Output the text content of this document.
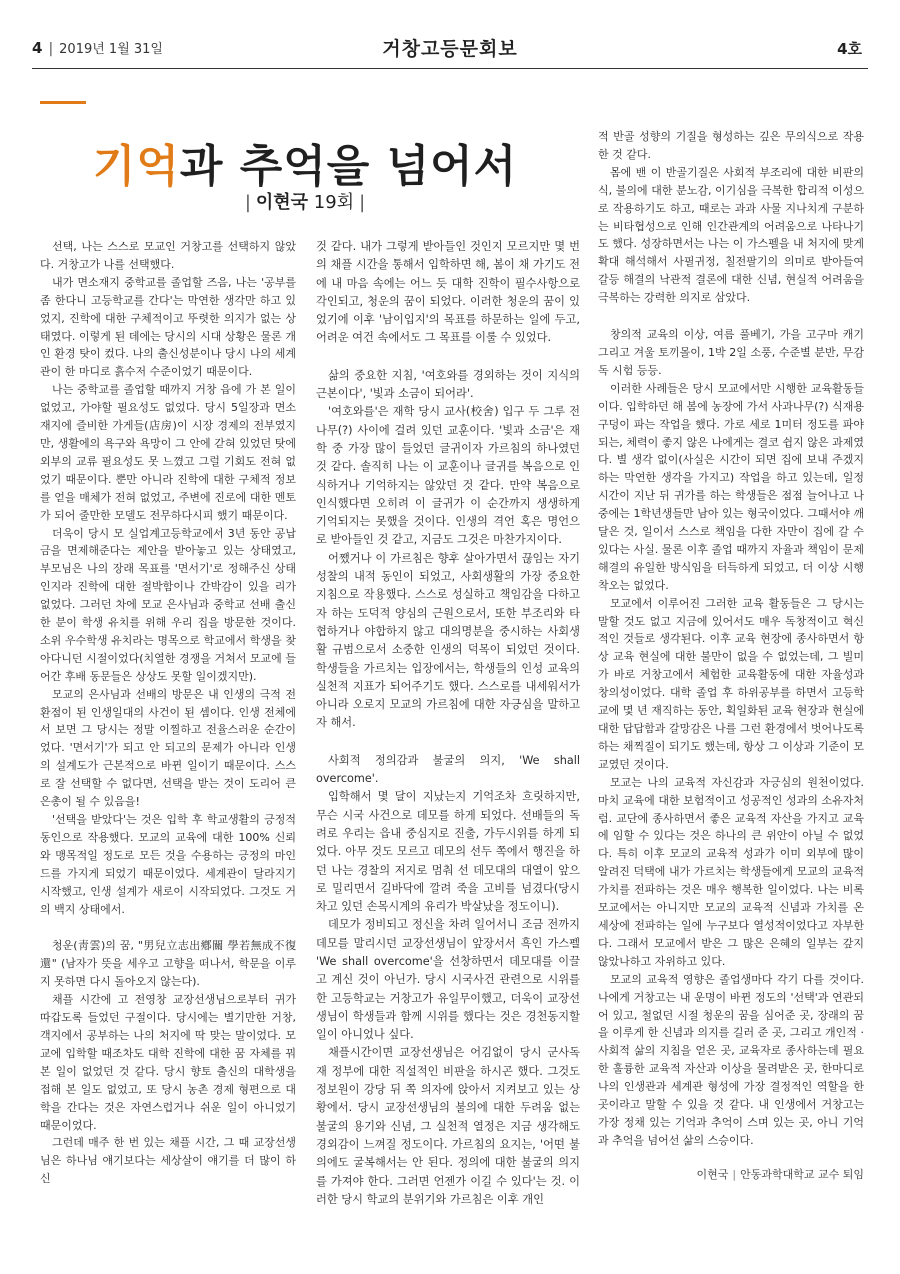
4 | 2019년 1월 31일	거창고등문회보	4호
기억과 추억을 넘어서
| 이현국 19회 |

선택, 나는 스스로 모교인 거창고를 선택하지 않았다. 거창고가 나를 선택했다.

내가 면소재지 중학교를 졸업할 즈음, 나는 '공부를 좀 한다니 고등학교를 간다'는 막연한 생각만 하고 있었지, 진학에 대한 구체적이고 뚜렷한 의지가 없는 상태였다. 이렇게 된 데에는 당시의 시대 상황은 물론 개인 환경 탓이 컸다. 나의 출신성분이나 당시 나의 세계관이 한 마디로 흙수저 수준이었기 때문이다.

나는 중학교를 졸업할 때까지 거창 읍에 가 본 일이 없었고, 가야할 필요성도 없었다. 당시 5일장과 면소재지에 즐비한 가게들(店房)이 시장 경제의 전부였지만, 생활에의 욕구와 욕망이 그 안에 갇혀 있었던 탓에 외부의 교류 필요성도 못 느꼈고 그럴 기회도 전혀 없었기 때문이다. 뿐만 아니라 진학에 대한 구체적 정보를 얻을 매체가 전혀 없었고, 주변에 진로에 대한 멘토가 되어 줄만한 모델도 전무하다시피 했기 때문이다.

더욱이 당시 모 실업계고등학교에서 3년 동안 공납금을 면제해준다는 제안을 받아놓고 있는 상태였고, 부모님은 나의 장래 목표를 '면서기'로 정해주신 상태인지라 진학에 대한 절박함이나 간박감이 있을 리가 없었다. 그러던 차에 모교 은사님과 중학교 선배 출신 한 분이 학생 유치를 위해 우리 집을 방문한 것이다. 소위 우수학생 유치라는 명목으로 학교에서 학생을 찾아다니던 시절이었다(치열한 경쟁을 거쳐서 모교에 들어간 후배 동문들은 상상도 못할 일이겠지만).

모교의 은사님과 선배의 방문은 내 인생의 극적 전환점이 된 인생일대의 사건이 된 셈이다. 인생 전체에서 보면 그 당시는 정말 이찔하고 전율스러운 순간이었다. '면서기'가 되고 안 되고의 문제가 아니라 인생의 설계도가 근본적으로 바뀐 일이기 때문이다. 스스로 잘 선택할 수 없다면, 선택을 받는 것이 도리어 큰 은총이 될 수 있음을!

'선택을 받았다'는 것은 입학 후 학교생활의 긍정적 동인으로 작용했다. 모교의 교육에 대한 100% 신뢰와 맹목적일 정도로 모든 것을 수용하는 긍정의 마인드를 가지게 되었기 때문이었다. 세계관이 달라지기 시작했고, 인생 설계가 새로이 시작되었다. 그것도 거의 백지 상태에서.

청운(靑雲)의 꿈, "男兒立志出鄕關 學若無成不復還" (남자가 뜻을 세우고 고향을 떠나서, 학문을 이루지 못하면 다시 돌아오지 않는다).

채플 시간에 고 전영창 교장선생님으로부터 귀가 따갑도록 들었던 구절이다. 당시에는 별기만한 거창, 객지에서 공부하는 나의 처지에 딱 맞는 말이었다. 모교에 입학할 때조차도 대학 진학에 대한 꿈 자체를 꿔 본 일이 없었던 것 같다. 당시 향토 출신의 대학생을 접해 본 일도 없었고, 또 당시 농촌 경제 형편으로 대학을 간다는 것은 자연스럽거나 쉬운 일이 아니었기 때문이었다.

그런데 매주 한 번 있는 채플 시간, 그 때 교장선생님은 하나님 얘기보다는 세상살이 얘기를 더 많이 하신

것 같다. 내가 그렇게 받아들인 것인지 모르지만 몇 번의 채플 시간을 통해서 입학하면 해, 봄이 채 가기도 전에 내 마음 속에는 어느 듯 대학 진학이 필수사항으로 각인되고, 청운의 꿈이 되었다. 이러한 청운의 꿈이 있었기에 이후 '남이입지'의 목표를 하문하는 일에 두고, 어려운 여건 속에서도 그 목표를 이룰 수 있었다.

삶의 중요한 지침, '여호와를 경외하는 것이 지식의 근본이다', '빛과 소금이 되어라'.

'여호와를'은 재학 당시 교사(校舍) 입구 두 그루 전나무(?) 사이에 걸려 있던 교훈이다. '빛과 소금'은 재학 중 가장 많이 들었던 글귀이자 가르침의 하나였던 것 같다. 솔직히 나는 이 교훈이나 글귀를 복음으로 인식하거나 기억하지는 않았던 것 같다. 만약 복음으로 인식했다면 오히려 이 글귀가 이 순간까지 생생하게 기억되지는 못했을 것이다. 인생의 격언 혹은 명언으로 받아들인 것 같고, 지금도 그것은 마찬가지이다.

어쨌거나 이 가르침은 향후 살아가면서 끊임는 자기 성찰의 내적 동인이 되었고, 사회생활의 가장 중요한 지침으로 작용했다. 스스로 성실하고 책임감을 다하고자 하는 도덕적 양심의 근원으로서, 또한 부조리와 타협하거나 야합하지 않고 대의명분을 중시하는 사회생활 규범으로서 소중한 인생의 덕목이 되었던 것이다. 학생들을 가르치는 입장에서는, 학생들의 인성 교육의 실천적 지표가 되어주기도 했다. 스스로를 내세워서가 아니라 오로지 모교의 가르침에 대한 자긍심을 말하고자 해서.

사회적 정의감과 불굴의 의지, 'We shall overcome'.

입학해서 몇 달이 지났는지 기억조차 흐릿하지만, 무슨 시국 사건으로 데모를 하게 되었다. 선배들의 독려로 우리는 읍내 중심지로 진출, 가두시위를 하게 되었다. 아무 것도 모르고 데모의 선두 쪽에서 행진을 하던 나는 경찰의 저지로 멈춰 선 데모대의 대열이 앞으로 밀리면서 길바닥에 깔려 죽을 고비를 넘겼다(당시 차고 있던 손목시계의 유리가 박살났을 정도이니).

데모가 정비되고 정신을 차려 일어서니 조금 전까지 데모를 말리시던 교장선생님이 앞장서서 흑인 가스펠 'We shall overcome'을 선창하면서 데모대를 이끌고 계신 것이 아닌가. 당시 시국사건 관련으로 시위를 한 고등학교는 거창고가 유일무이했고, 더욱이 교장선생님이 학생들과 함께 시위를 했다는 것은 경천동지할 일이 아니었나 싶다.

채플시간이면 교장선생님은 어김없이 당시 군사독재 정부에 대한 직설적인 비판을 하시곤 했다. 그것도 정보원이 강당 뒤 쪽 의자에 앉아서 지켜보고 있는 상황에서. 당시 교장선생님의 불의에 대한 두려움 없는 불굴의 용기와 신념, 그 실천적 열정은 지금 생각해도 경외감이 느껴질 정도이다. 가르침의 요지는, '어떤 불의에도 굴복해서는 안 된다. 정의에 대한 불굴의 의지를 가져야 한다. 그러면 언젠가 이길 수 있다'는 것. 이러한 당시 학교의 분위기와 가르침은 이후 개인

적 반골 성향의 기질을 형성하는 깊은 무의식으로 작용한 것 같다.

몸에 밴 이 반골기질은 사회적 부조리에 대한 비판의식, 불의에 대한 분노감, 이기심을 극복한 합리적 이성으로 작용하기도 하고, 때로는 과과 사물 지나치게 구분하는 비타협성으로 인해 인간관계의 어려움으로 나타나기도 했다. 성장하면서는 나는 이 가스펠을 내 처지에 맞게 확대 해석해서 사필귀정, 칠전팔기의 의미로 받아들여 갈등 해결의 낙관적 결론에 대한 신념, 현실적 어려움을 극복하는 강력한 의지로 삼았다.

창의적 교육의 이상, 여름 풀베기, 가을 고구마 캐기 그리고 겨울 토끼몰이, 1박 2일 소풍, 수준별 분반, 무감독 시험 등등.

이러한 사례들은 당시 모교에서만 시행한 교육활동들이다. 입학하던 해 봄에 농장에 가서 사과나무(?) 식재용 구덩이 파는 작업을 했다. 가로 세로 1미터 정도를 파야 되는, 체력이 좋지 않은 나에게는 결코 쉽지 않은 과제였다. 별 생각 없이(사실은 시간이 되면 집에 보내 주겠지 하는 막연한 생각을 가지고) 작업을 하고 있는데, 일정 시간이 지난 뒤 귀가를 하는 학생들은 점점 늘어나고 나중에는 1학년생들만 남아 있는 형국이었다. 그때서야 깨달은 것, 일이서 스스로 책임을 다한 자만이 집에 갈 수 있다는 사실. 물론 이후 졸업 때까지 자율과 책임이 문제 해결의 유일한 방식임을 터득하게 되었고, 더 이상 시행착오는 없었다.

모교에서 이루어진 그러한 교육 활동들은 그 당시는 말할 것도 없고 지금에 있어서도 매우 독창적이고 혁신적인 것들로 생각된다. 이후 교육 현장에 종사하면서 항상 교육 현실에 대한 불만이 없을 수 없었는데, 그 빌미가 바로 거창고에서 체험한 교육활동에 대한 자율성과 창의성이었다. 대학 졸업 후 하위공부를 하면서 고등학교에 몇 년 재직하는 동안, 획일화된 교육 현장과 현실에 대한 답답함과 갈망감은 나를 그런 환경에서 벗어나도록 하는 채찍질이 되기도 했는데, 항상 그 이상과 기준이 모교였던 것이다.

모교는 나의 교육적 자신감과 자긍심의 원천이었다. 마치 교육에 대한 보험적이고 성공적인 성과의 소유자처럼. 교단에 종사하면서 좋은 교육적 자산을 가지고 교육에 임할 수 있다는 것은 하나의 큰 위안이 아닐 수 없었다. 특히 이후 모교의 교육적 성과가 이미 외부에 많이 알려진 덕택에 내가 가르치는 학생들에게 모교의 교육적 가치를 전파하는 것은 매우 행복한 일이었다. 나는 비록 모교에서는 아니지만 모교의 교육적 신념과 가치를 온 세상에 전파하는 일에 누구보다 열성적이었다고 자부한다. 그래서 모교에서 받은 그 많은 은혜의 일부는 갚지 않았나하고 자위하고 있다.

모교의 교육적 영향은 졸업생마다 각기 다를 것이다. 나에게 거창고는 내 운명이 바뀐 정도의 '선택'과 연관되어 있고, 철없던 시절 청운의 꿈을 심어준 곳, 장래의 꿈을 이루게 한 신념과 의지를 길러 준 곳, 그리고 개인적 · 사회적 삶의 지침을 얻은 곳, 교육자로 종사하는데 필요한 훌륭한 교육적 자산과 이상을 물려받은 곳, 한마디로 나의 인생관과 세계관 형성에 가장 결정적인 역할을 한 곳이라고 말할 수 있을 것 같다. 내 인생에서 거창고는 가장 정채 있는 기억과 추억이 스며 있는 곳, 아니 기억과 추억을 넘어선 삶의 스승이다.

이현국 | 안동과학대학교 교수 퇴임
